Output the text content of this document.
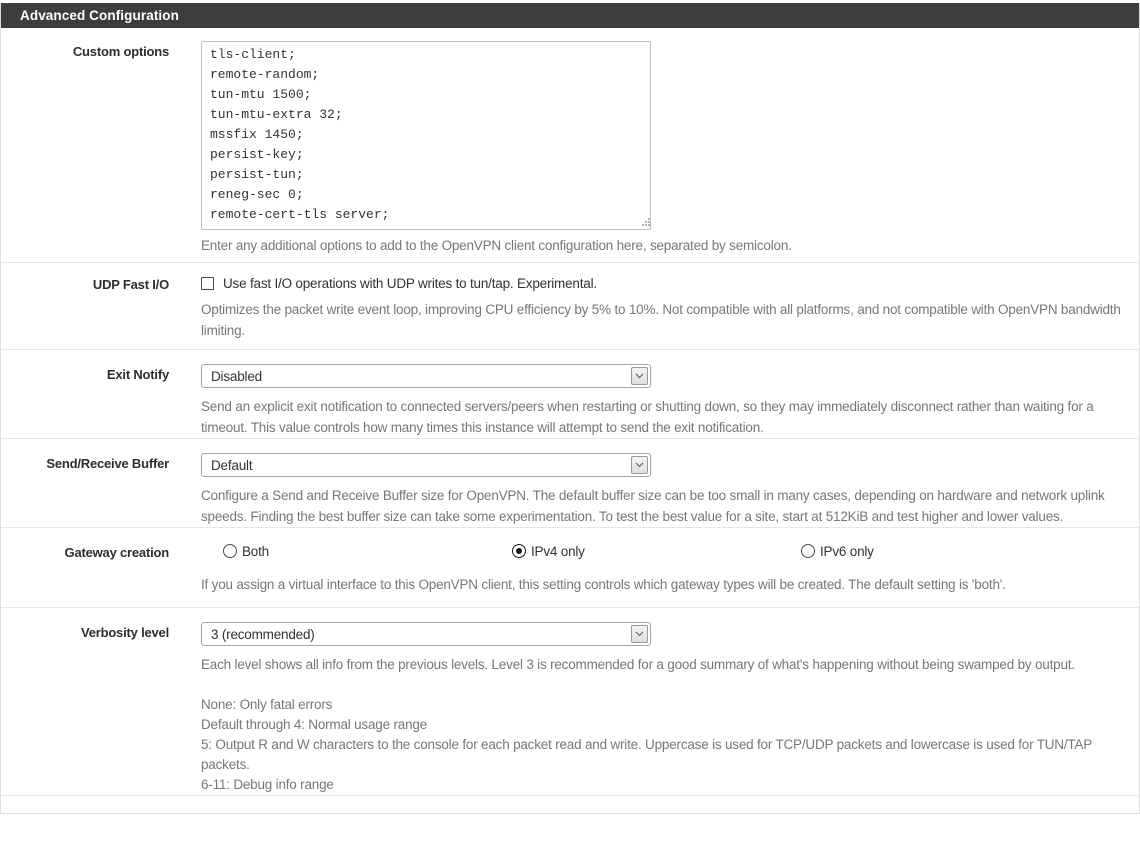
Advanced Configuration
Custom options
tls-client; remote-random; tun-mtu 1500; tun-mtu-extra 32; mssfix 1450; persist-key; persist-tun; reneg-sec 0; remote-cert-tls server;
Enter any additional options to add to the OpenVPN client configuration here, separated by semicolon.
UDP Fast I/O	Use fast I/O operations with UDP writes to tun/tap. Experimental.
Optimizes the packet write event loop, improving CPU efficiency by 5% to 10%. Not compatible with all platforms, and not compatible with OpenVPN bandwidth limiting.
Exit Notify	Disabled
Send an explicit exit notification to connected servers/peers when restarting or shutting down, so they may immediately disconnect rather than waiting for a timeout. This value controls how many times this instance will attempt to send the exit notification.
Send/Receive Buffer	Default
Configure a Send and Receive Buffer size for OpenVPN. The default buffer size can be too small in many cases, depending on hardware and network uplink speeds. Finding the best buffer size can take some experimentation. To test the best value for a site, start at 512KiB and test higher and lower values.
Gateway creation	Both	IPv4 only	IPv6 only
If you assign a virtual interface to this OpenVPN client, this setting controls which gateway types will be created. The default setting is 'both'.
Verbosity level	3 (recommended)
Each level shows all info from the previous levels. Level 3 is recommended for a good summary of what's happening without being swamped by output.
None: Only fatal errors
Default through 4: Normal usage range
5: Output R and W characters to the console for each packet read and write. Uppercase is used for TCP/UDP packets and lowercase is used for TUN/TAP packets.
6-11: Debug info range
